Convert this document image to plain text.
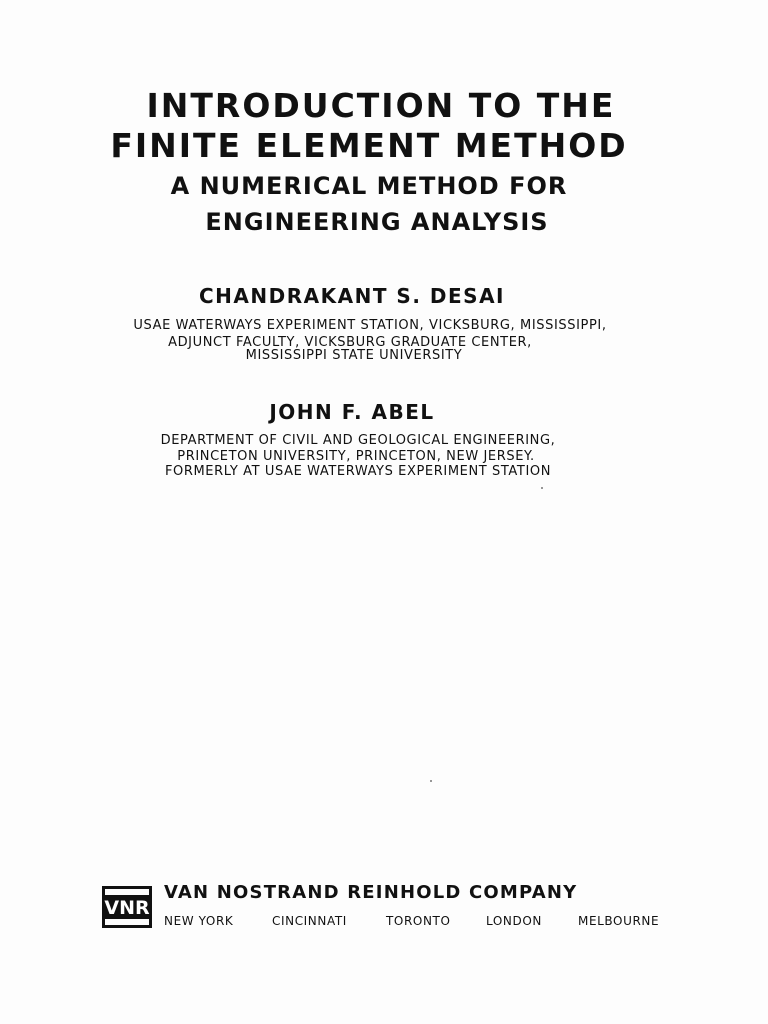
INTRODUCTION TO THE
FINITE ELEMENT METHOD
A NUMERICAL METHOD FOR
ENGINEERING ANALYSIS
CHANDRAKANT S. DESAI
USAE WATERWAYS EXPERIMENT STATION, VICKSBURG, MISSISSIPPI,
ADJUNCT FACULTY, VICKSBURG GRADUATE CENTER,
MISSISSIPPI STATE UNIVERSITY
JOHN F. ABEL
DEPARTMENT OF CIVIL AND GEOLOGICAL ENGINEERING,
PRINCETON UNIVERSITY, PRINCETON, NEW JERSEY.
FORMERLY AT USAE WATERWAYS EXPERIMENT STATION
VNR
VAN NOSTRAND REINHOLD COMPANY
NEW YORK	CINCINNATI	TORONTO	LONDON	MELBOURNE
